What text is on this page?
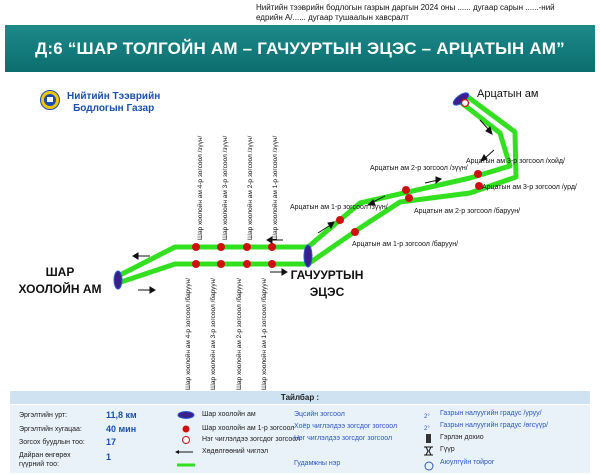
Нийтийн тээврийн бодлогын газрын даргын 2024 оны ...... дугаар сарын ......-ний
едрийн А/...... дугаар тушаалын хавсралт
Д:6 “ШАР ТОЛГОЙН АМ – ГАЧУУРТЫН ЭЦЭС – АРЦАТЫН АМ”
Нийтийн Тээврийн
Бодлогын Газар
Шар хоолойн ам 4-р зогсоол /зүүн/	Шар хоолойн ам 3-р зогсоол /зүүн/	Шар хоолойн ам 2-р зогсоол /зүүн/	Шар хоолойн ам 1-р зогсоол /зүүн/
Шар хоолойн ам 4-р зогсоол /баруун/	Шар хоолойн ам 3-р зогсоол /баруун/	Шар хоолойн ам 2-р зогсоол /баруун/	Шар хоолойн ам 1-р зогсоол /баруун/
Арцатын ам 1-р зогсоол /зүүн/
Арцатын ам 1-р зогсоол /баруун/
Арцатын ам 2-р зогсоол /зүүн/
Арцатын ам 2-р зогсоол /баруун/
Арцатын ам 3-р зогсоол /хойд/
Арцатын ам 3-р зогсоол /урд/
ШАР
ХООЛОЙН АМ
ГАЧУУРТЫН
ЭЦЭС
Арцатын ам
Тайлбар :
Эргэлтийн урт:	11,8 км
Эргэлтийн хугацаа:	40 мин
Зогсох буудлын тоо: 17
Дайран өнгөрөх гүүрний тоо:
1
Шар хоолойн ам
Шар хоолойн ам 1-р зогсоол
Нэг чиглэлдээ зогсдог зогсоол
Хөдөлгөөний чиглэл
Эцсийн зогсоол
Хоёр чиглэлдээ зогсдог зогсоол
Нэг чиглэлдээ зогсдог зогсоол
Гудамжны нэр
2°
2°
Газрын налуугийн градус /уруу/
Газрын налуугийн градус /өгсүүр/
Гэрлэн дохио
Гүүр
Аюулгүйн тойрог
